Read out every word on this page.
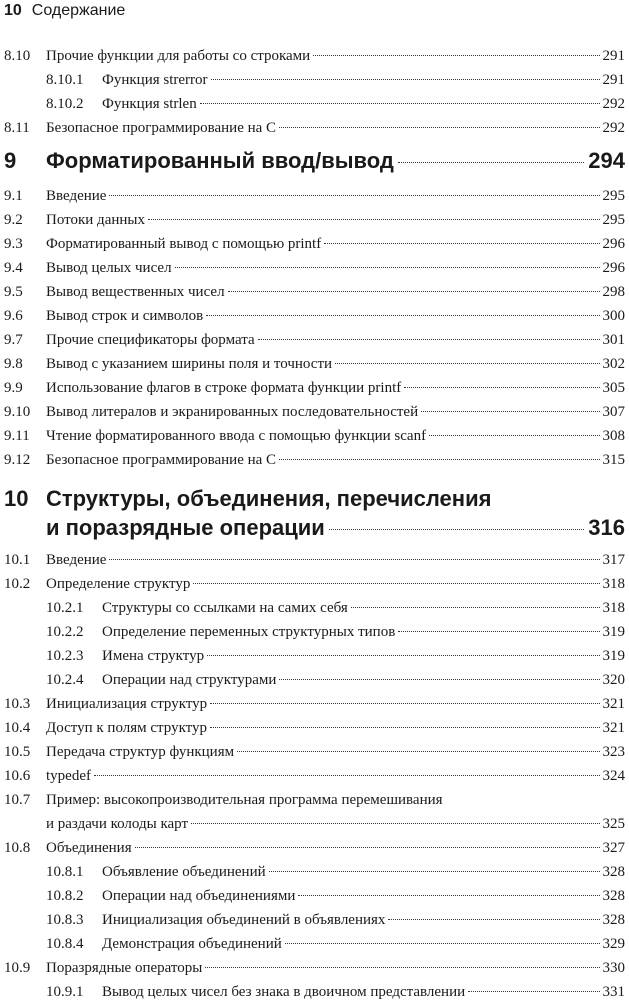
10 Содержание
8.10 Прочие функции для работы со строками	291
8.10.1 Функция strerror	291
8.10.2 Функция strlen	292
8.11 Безопасное программирование на C	292
9 Форматированный ввод/вывод	294
9.1 Введение	295
9.2 Потоки данных	295
9.3 Форматированный вывод с помощью printf	296
9.4 Вывод целых чисел	296
9.5 Вывод вещественных чисел	298
9.6 Вывод строк и символов	300
9.7 Прочие спецификаторы формата	301
9.8 Вывод с указанием ширины поля и точности	302
9.9 Использование флагов в строке формата функции printf	305
9.10 Вывод литералов и экранированных последовательностей	307
9.11 Чтение форматированного ввода с помощью функции scanf	308
9.12 Безопасное программирование на C	315
10 Структуры, объединения, перечисления
и поразрядные операции	316
10.1 Введение	317
10.2 Определение структур	318
10.2.1 Структуры со ссылками на самих себя	318
10.2.2 Определение переменных структурных типов	319
10.2.3 Имена структур	319
10.2.4 Операции над структурами	320
10.3 Инициализация структур	321
10.4 Доступ к полям структур	321
10.5 Передача структур функциям	323
10.6 typedef	324
10.7 Пример: высокопроизводительная программа перемешивания
и раздачи колоды карт	325
10.8 Объединения	327
10.8.1 Объявление объединений	328
10.8.2 Операции над объединениями	328
10.8.3 Инициализация объединений в объявлениях	328
10.8.4 Демонстрация объединений	329
10.9 Поразрядные операторы	330
10.9.1 Вывод целых чисел без знака в двоичном представлении	331
